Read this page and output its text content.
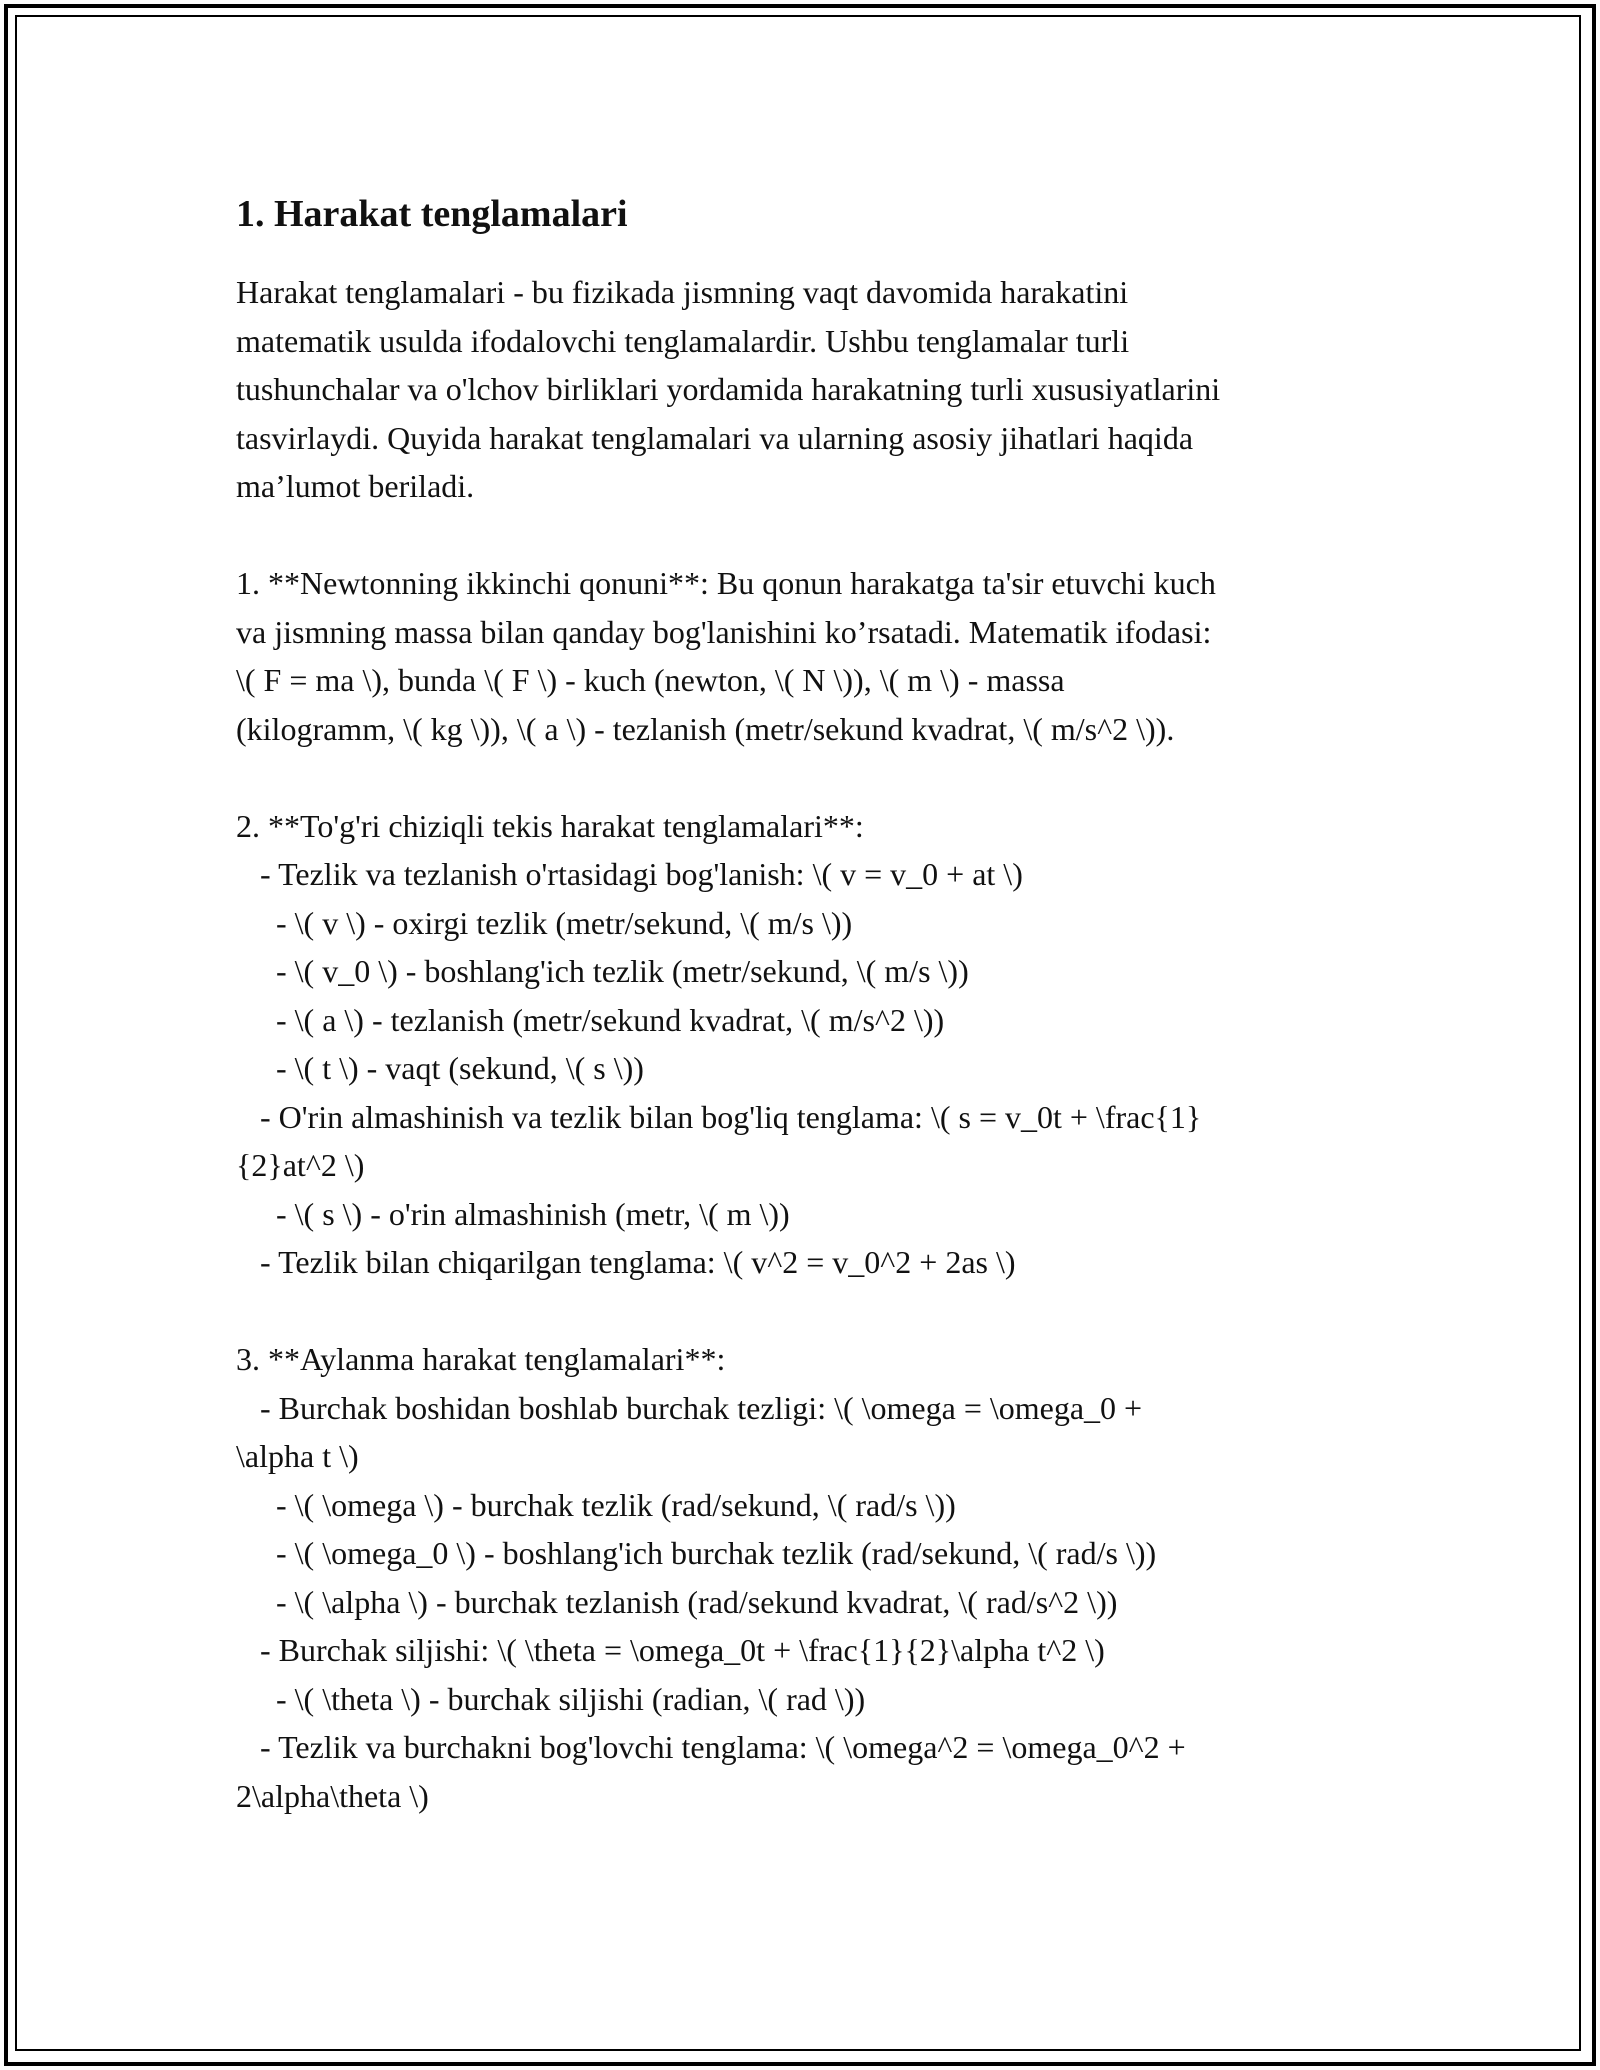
1. Harakat tenglamalari
Harakat tenglamalari - bu fizikada jismning vaqt davomida harakatini
matematik usulda ifodalovchi tenglamalardir. Ushbu tenglamalar turli
tushunchalar va o'lchov birliklari yordamida harakatning turli xususiyatlarini
tasvirlaydi. Quyida harakat tenglamalari va ularning asosiy jihatlari haqida
ma’lumot beriladi.
1. **Newtonning ikkinchi qonuni**: Bu qonun harakatga ta'sir etuvchi kuch
va jismning massa bilan qanday bog'lanishini ko’rsatadi. Matematik ifodasi:
\( F = ma \), bunda \( F \) - kuch (newton, \( N \)), \( m \) - massa
(kilogramm, \( kg \)), \( a \) - tezlanish (metr/sekund kvadrat, \( m/s^2 \)).
2. **To'g'ri chiziqli tekis harakat tenglamalari**:
- Tezlik va tezlanish o'rtasidagi bog'lanish: \( v = v_0 + at \)
- \( v \) - oxirgi tezlik (metr/sekund, \( m/s \))
- \( v_0 \) - boshlang'ich tezlik (metr/sekund, \( m/s \))
- \( a \) - tezlanish (metr/sekund kvadrat, \( m/s^2 \))
- \( t \) - vaqt (sekund, \( s \))
- O'rin almashinish va tezlik bilan bog'liq tenglama: \( s = v_0t + \frac{1}
{2}at^2 \)
- \( s \) - o'rin almashinish (metr, \( m \))
- Tezlik bilan chiqarilgan tenglama: \( v^2 = v_0^2 + 2as \)
3. **Aylanma harakat tenglamalari**:
- Burchak boshidan boshlab burchak tezligi: \( \omega = \omega_0 +
\alpha t \)
- \( \omega \) - burchak tezlik (rad/sekund, \( rad/s \))
- \( \omega_0 \) - boshlang'ich burchak tezlik (rad/sekund, \( rad/s \))
- \( \alpha \) - burchak tezlanish (rad/sekund kvadrat, \( rad/s^2 \))
- Burchak siljishi: \( \theta = \omega_0t + \frac{1}{2}\alpha t^2 \)
- \( \theta \) - burchak siljishi (radian, \( rad \))
- Tezlik va burchakni bog'lovchi tenglama: \( \omega^2 = \omega_0^2 +
2\alpha\theta \)
